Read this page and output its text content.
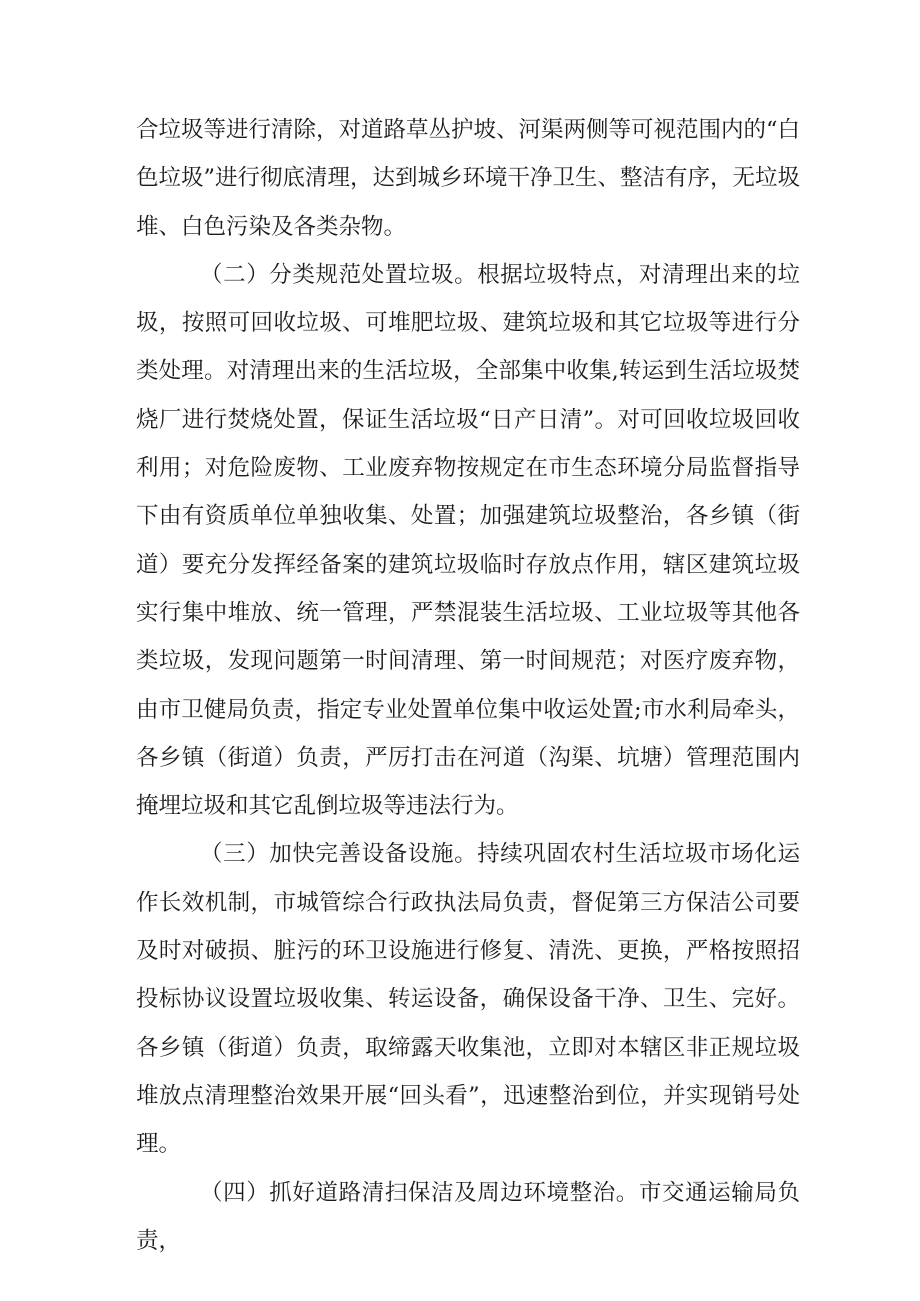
合垃圾等进行清除，对道路草丛护坡、河渠两侧等可视范围内的“白色垃圾”进行彻底清理，达到城乡环境干净卫生、整洁有序，无垃圾堆、白色污染及各类杂物。

（二）分类规范处置垃圾。根据垃圾特点，对清理出来的垃圾，按照可回收垃圾、可堆肥垃圾、建筑垃圾和其它垃圾等进行分类处理。对清理出来的生活垃圾，全部集中收集,转运到生活垃圾焚烧厂进行焚烧处置，保证生活垃圾“日产日清”。对可回收垃圾回收利用；对危险废物、工业废弃物按规定在市生态环境分局监督指导下由有资质单位单独收集、处置；加强建筑垃圾整治，各乡镇（街道）要充分发挥经备案的建筑垃圾临时存放点作用，辖区建筑垃圾实行集中堆放、统一管理，严禁混装生活垃圾、工业垃圾等其他各类垃圾，发现问题第一时间清理、第一时间规范；对医疗废弃物，由市卫健局负责，指定专业处置单位集中收运处置;市水利局牵头，各乡镇（街道）负责，严厉打击在河道（沟渠、坑塘）管理范围内掩埋垃圾和其它乱倒垃圾等违法行为。

（三）加快完善设备设施。持续巩固农村生活垃圾市场化运作长效机制，市城管综合行政执法局负责，督促第三方保洁公司要及时对破损、脏污的环卫设施进行修复、清洗、更换，严格按照招投标协议设置垃圾收集、转运设备，确保设备干净、卫生、完好。各乡镇（街道）负责，取缔露天收集池，立即对本辖区非正规垃圾堆放点清理整治效果开展“回头看”，迅速整治到位，并实现销号处理。

（四）抓好道路清扫保洁及周边环境整治。市交通运输局负责，
